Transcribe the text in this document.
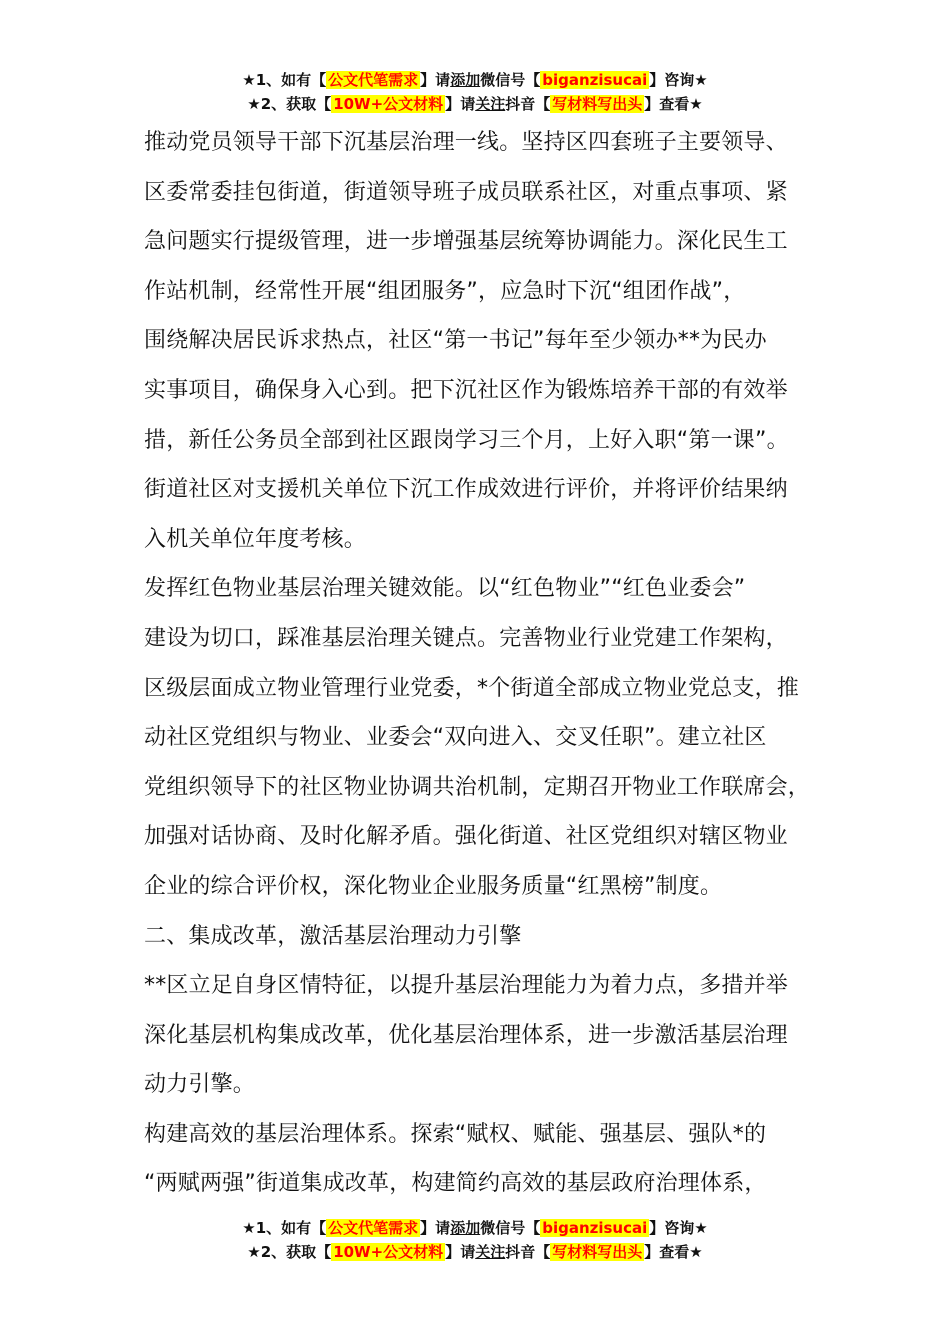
★1、如有【 公文代笔需求 】请添加微信号【 biganzisucai 】咨询★
★2、获取【 10W+公文材料 】请关注抖音【 写材料写出头 】查看★
推动党员领导干部下沉基层治理一线。坚持区四套班子主要领导、
区委常委挂包街道，街道领导班子成员联系社区，对重点事项、紧
急问题实行提级管理，进一步增强基层统筹协调能力。深化民生工
作站机制，经常性开展“组团服务”，应急时下沉“组团作战”，
围绕解决居民诉求热点，社区“第一书记”每年至少领办**为民办
实事项目，确保身入心到。把下沉社区作为锻炼培养干部的有效举
措，新任公务员全部到社区跟岗学习三个月，上好入职“第一课”。
街道社区对支援机关单位下沉工作成效进行评价，并将评价结果纳
入机关单位年度考核。
发挥红色物业基层治理关键效能。以“红色物业”“红色业委会”
建设为切口，踩准基层治理关键点。完善物业行业党建工作架构，
区级层面成立物业管理行业党委，*个街道全部成立物业党总支，推
动社区党组织与物业、业委会“双向进入、交叉任职”。建立社区
党组织领导下的社区物业协调共治机制，定期召开物业工作联席会，
加强对话协商、及时化解矛盾。强化街道、社区党组织对辖区物业
企业的综合评价权，深化物业企业服务质量“红黑榜”制度。
二、集成改革，激活基层治理动力引擎
**区立足自身区情特征，以提升基层治理能力为着力点，多措并举
深化基层机构集成改革，优化基层治理体系，进一步激活基层治理
动力引擎。
构建高效的基层治理体系。探索“赋权、赋能、强基层、强队*的
“两赋两强”街道集成改革，构建简约高效的基层政府治理体系，
★1、如有【 公文代笔需求 】请添加微信号【 biganzisucai 】咨询★
★2、获取【 10W+公文材料 】请关注抖音【 写材料写出头 】查看★
